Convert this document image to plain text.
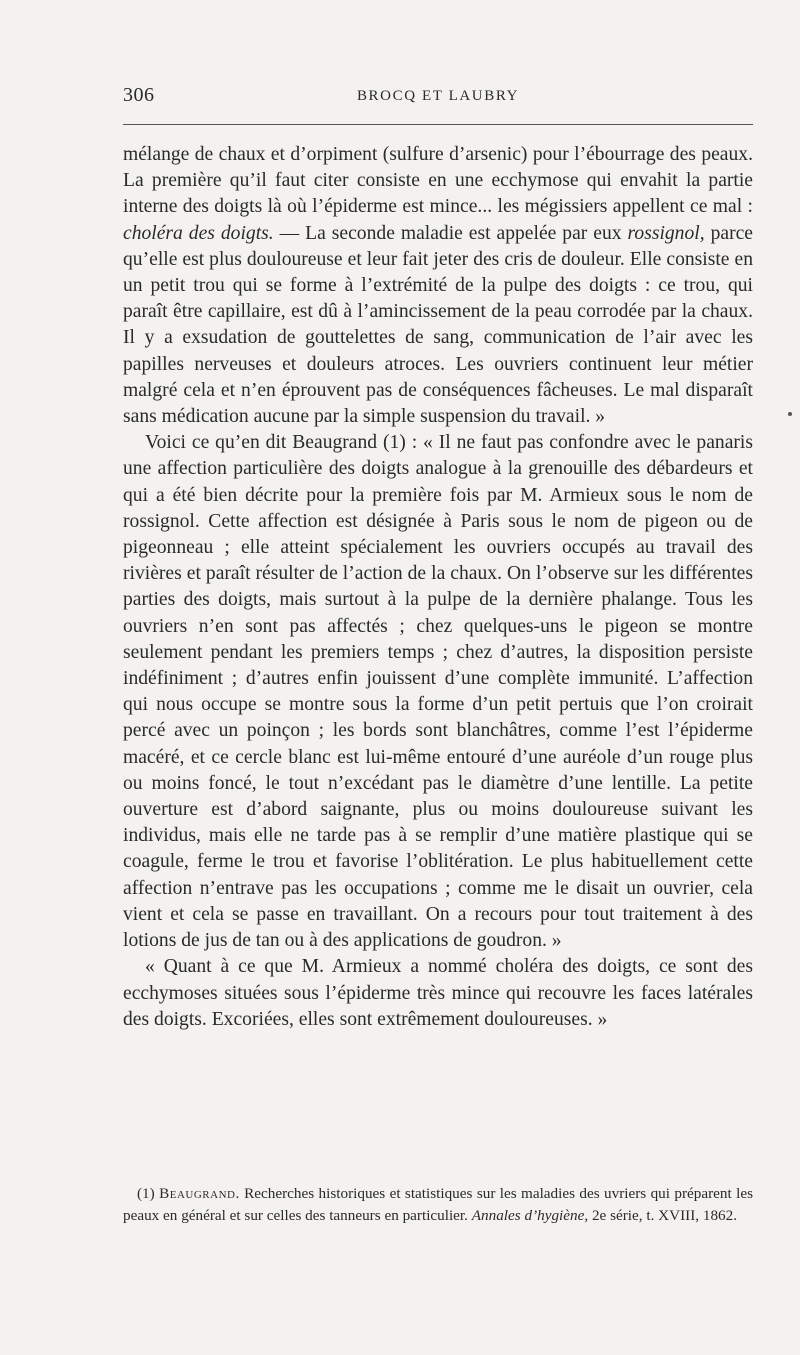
306	BROCQ ET LAUBRY

mélange de chaux et d’orpiment (sulfure d’arsenic) pour l’ébourrage des peaux. La première qu’il faut citer consiste en une ecchymose qui envahit la partie interne des doigts là où l’épiderme est mince... les mégissiers appellent ce mal : choléra des doigts. — La seconde maladie est appelée par eux rossignol, parce qu’elle est plus douloureuse et leur fait jeter des cris de douleur. Elle consiste en un petit trou qui se forme à l’extrémité de la pulpe des doigts : ce trou, qui paraît être capillaire, est dû à l’amincissement de la peau corrodée par la chaux. Il y a exsudation de gouttelettes de sang, communication de l’air avec les papilles nerveuses et douleurs atroces. Les ouvriers continuent leur métier malgré cela et n’en éprouvent pas de conséquences fâcheuses. Le mal disparaît sans médication aucune par la simple suspension du travail. »

Voici ce qu’en dit Beaugrand (1) : « Il ne faut pas confondre avec le panaris une affection particulière des doigts analogue à la grenouille des débardeurs et qui a été bien décrite pour la première fois par M. Armieux sous le nom de rossignol. Cette affection est désignée à Paris sous le nom de pigeon ou de pigeonneau ; elle atteint spécialement les ouvriers occupés au travail des rivières et paraît résulter de l’action de la chaux. On l’observe sur les différentes parties des doigts, mais surtout à la pulpe de la dernière phalange. Tous les ouvriers n’en sont pas affectés ; chez quelques-uns le pigeon se montre seulement pendant les premiers temps ; chez d’autres, la disposition persiste indéfiniment ; d’autres enfin jouissent d’une complète immunité. L’affection qui nous occupe se montre sous la forme d’un petit pertuis que l’on croirait percé avec un poinçon ; les bords sont blanchâtres, comme l’est l’épiderme macéré, et ce cercle blanc est lui-même entouré d’une auréole d’un rouge plus ou moins foncé, le tout n’excédant pas le diamètre d’une lentille. La petite ouverture est d’abord saignante, plus ou moins douloureuse suivant les individus, mais elle ne tarde pas à se remplir d’une matière plastique qui se coagule, ferme le trou et favorise l’oblitération. Le plus habituellement cette affection n’entrave pas les occupations ; comme me le disait un ouvrier, cela vient et cela se passe en travaillant. On a recours pour tout traitement à des lotions de jus de tan ou à des applications de goudron. »

« Quant à ce que M. Armieux a nommé choléra des doigts, ce sont des ecchymoses situées sous l’épiderme très mince qui recouvre les faces latérales des doigts. Excoriées, elles sont extrêmement douloureuses. »

(1) Beaugrand. Recherches historiques et statistiques sur les maladies des uvriers qui préparent les peaux en général et sur celles des tanneurs en particulier. Annales d’hygiène, 2e série, t. XVIII, 1862.
